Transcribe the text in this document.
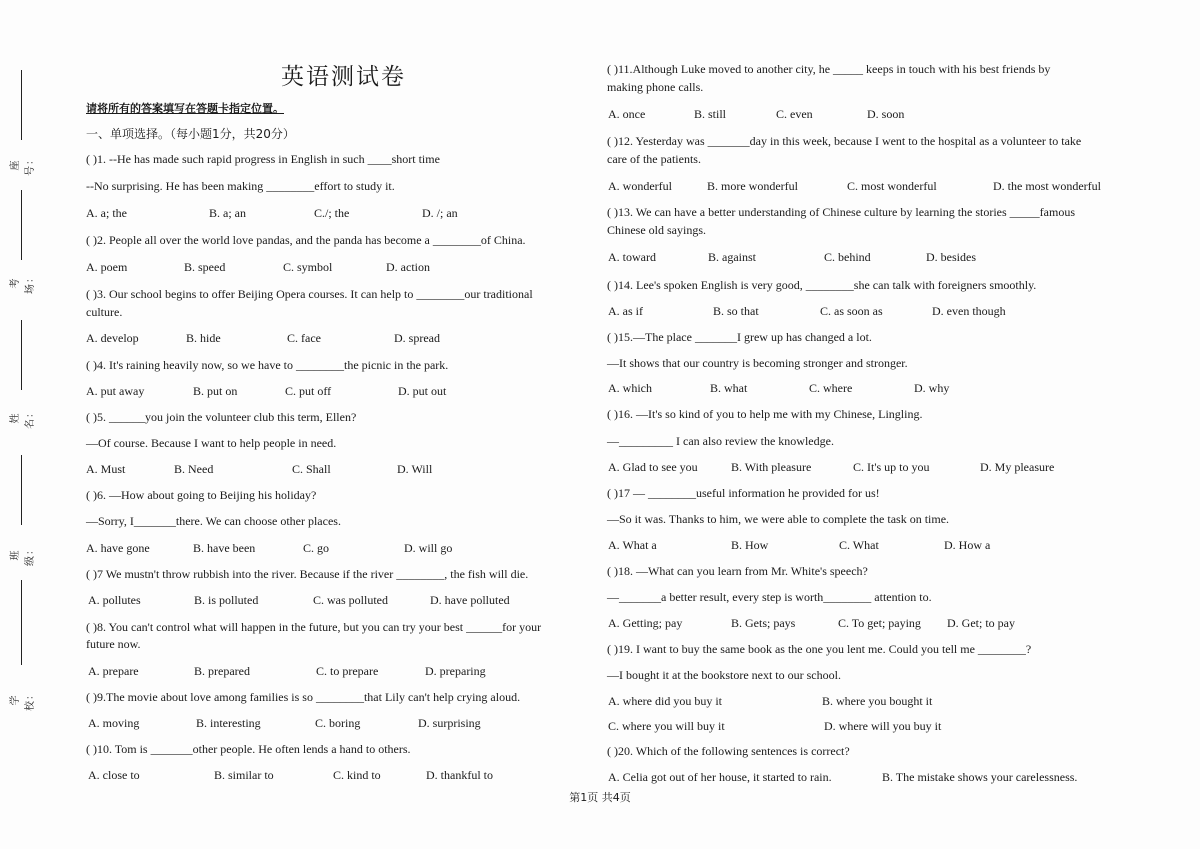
座号：
考场：
姓名：
班级：
学校：
英语测试卷
请将所有的答案填写在答题卡指定位置。
一、单项选择。（每小题1分，共20分）
( )1. --He has made such rapid progress in English in such ____short time
--No surprising. He has been making ________effort to study it.
A. a; the	B. a; an	C./; the	D. /; an
( )2. People all over the world love pandas, and the panda has become a ________of China.
A. poem	B. speed	C. symbol	D. action
( )3. Our school begins to offer Beijing Opera courses. It can help to ________our traditional
culture.
A. develop	B. hide	C. face	D. spread
( )4. It's raining heavily now, so we have to ________the picnic in the park.
A. put away	B. put on	C. put off	D. put out
( )5. ______you join the volunteer club this term, Ellen?
—Of course. Because I want to help people in need.
A. Must	B. Need	C. Shall	D. Will
( )6. —How about going to Beijing his holiday?
—Sorry, I_______there. We can choose other places.
A. have gone	B. have been	C. go	D. will go
( )7 We mustn't throw rubbish into the river. Because if the river ________, the fish will die.
A. pollutes	B. is polluted	C. was polluted	D. have polluted
( )8. You can't control what will happen in the future, but you can try your best ______for your
future now.
A. prepare	B. prepared	C. to prepare	D. preparing
( )9.The movie about love among families is so ________that Lily can't help crying aloud.
A. moving	B. interesting	C. boring	D. surprising
( )10. Tom is _______other people. He often lends a hand to others.
A. close to	B. similar to	C. kind to	D. thankful to
( )11.Although Luke moved to another city, he _____ keeps in touch with his best friends by
making phone calls.
A. once	B. still	C. even	D. soon
( )12. Yesterday was _______day in this week, because I went to the hospital as a volunteer to take
care of the patients.
A. wonderful	B. more wonderful	C. most wonderful	D. the most wonderful
( )13. We can have a better understanding of Chinese culture by learning the stories _____famous
Chinese old sayings.
A. toward	B. against	C. behind	D. besides
( )14. Lee's spoken English is very good, ________she can talk with foreigners smoothly.
A. as if	B. so that	C. as soon as	D. even though
( )15.—The place _______I grew up has changed a lot.
—It shows that our country is becoming stronger and stronger.
A. which	B. what	C. where	D. why
( )16. —It's so kind of you to help me with my Chinese, Lingling.
—_________ I can also review the knowledge.
A. Glad to see you	B. With pleasure	C. It's up to you	D. My pleasure
( )17 — ________useful information he provided for us!
—So it was. Thanks to him, we were able to complete the task on time.
A. What a	B. How	C. What	D. How a
( )18. —What can you learn from Mr. White's speech?
—_______a better result, every step is worth________ attention to.
A. Getting; pay	B. Gets; pays	C. To get; paying D. Get; to pay
( )19. I want to buy the same book as the one you lent me. Could you tell me ________?
—I bought it at the bookstore next to our school.
A. where did you buy it	B. where you bought it
C. where you will buy it	D. where will you buy it
( )20. Which of the following sentences is correct?
A. Celia got out of her house, it started to rain.	B. The mistake shows your carelessness.
第1页 共4页
